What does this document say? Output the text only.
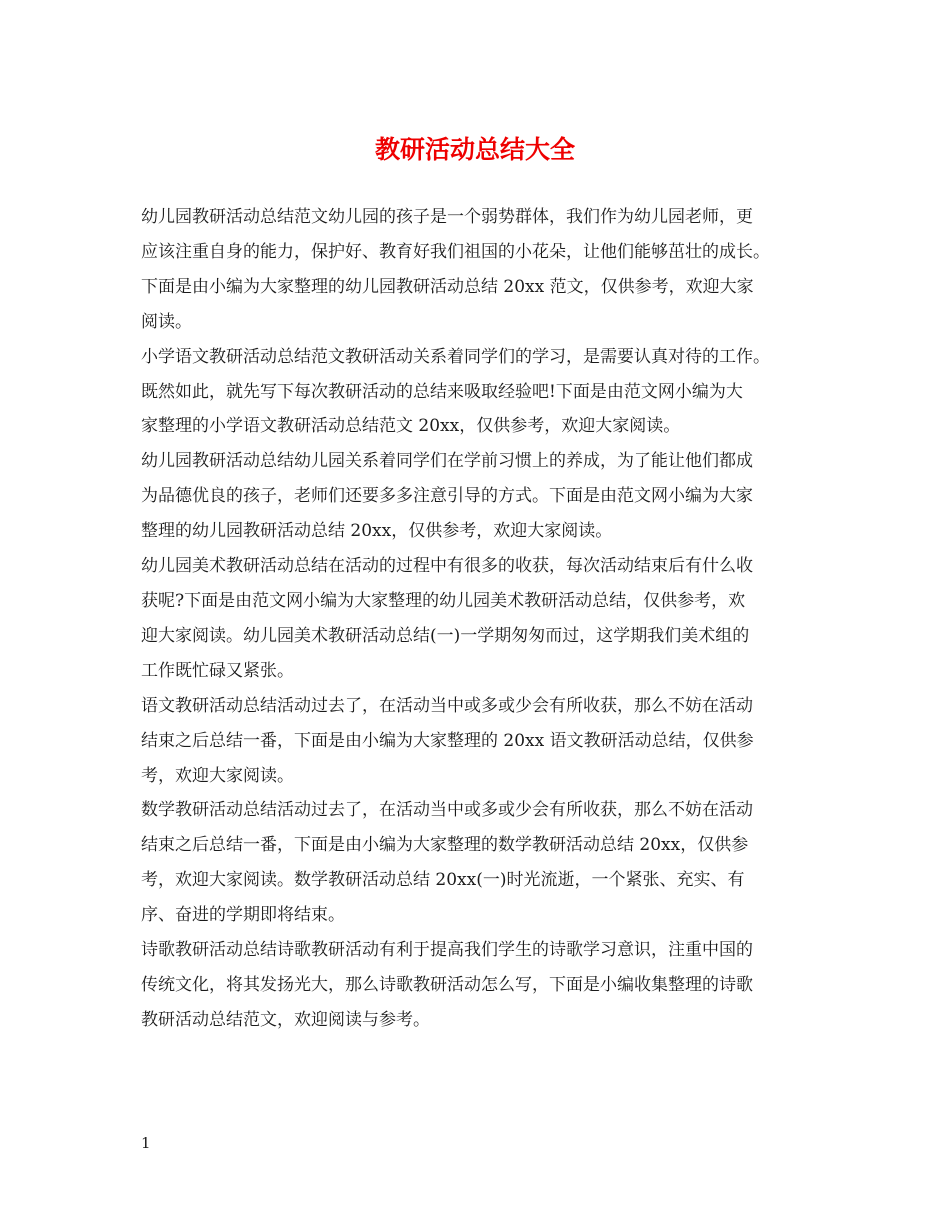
教研活动总结大全
幼儿园教研活动总结范文幼儿园的孩子是一个弱势群体，我们作为幼儿园老师，更
应该注重自身的能力，保护好、教育好我们祖国的小花朵，让他们能够茁壮的成长。
下面是由小编为大家整理的幼儿园教研活动总结 20xx 范文，仅供参考，欢迎大家
阅读。
小学语文教研活动总结范文教研活动关系着同学们的学习，是需要认真对待的工作。
既然如此，就先写下每次教研活动的总结来吸取经验吧!下面是由范文网小编为大
家整理的小学语文教研活动总结范文 20xx，仅供参考，欢迎大家阅读。
幼儿园教研活动总结幼儿园关系着同学们在学前习惯上的养成，为了能让他们都成
为品德优良的孩子，老师们还要多多注意引导的方式。下面是由范文网小编为大家
整理的幼儿园教研活动总结 20xx，仅供参考，欢迎大家阅读。
幼儿园美术教研活动总结在活动的过程中有很多的收获，每次活动结束后有什么收
获呢?下面是由范文网小编为大家整理的幼儿园美术教研活动总结，仅供参考，欢
迎大家阅读。幼儿园美术教研活动总结(一)一学期匆匆而过，这学期我们美术组的
工作既忙碌又紧张。
语文教研活动总结活动过去了，在活动当中或多或少会有所收获，那么不妨在活动
结束之后总结一番，下面是由小编为大家整理的 20xx 语文教研活动总结，仅供参
考，欢迎大家阅读。
数学教研活动总结活动过去了，在活动当中或多或少会有所收获，那么不妨在活动
结束之后总结一番，下面是由小编为大家整理的数学教研活动总结 20xx，仅供参
考，欢迎大家阅读。数学教研活动总结 20xx(一)时光流逝，一个紧张、充实、有
序、奋进的学期即将结束。
诗歌教研活动总结诗歌教研活动有利于提高我们学生的诗歌学习意识，注重中国的
传统文化，将其发扬光大，那么诗歌教研活动怎么写，下面是小编收集整理的诗歌
教研活动总结范文，欢迎阅读与参考。
1
